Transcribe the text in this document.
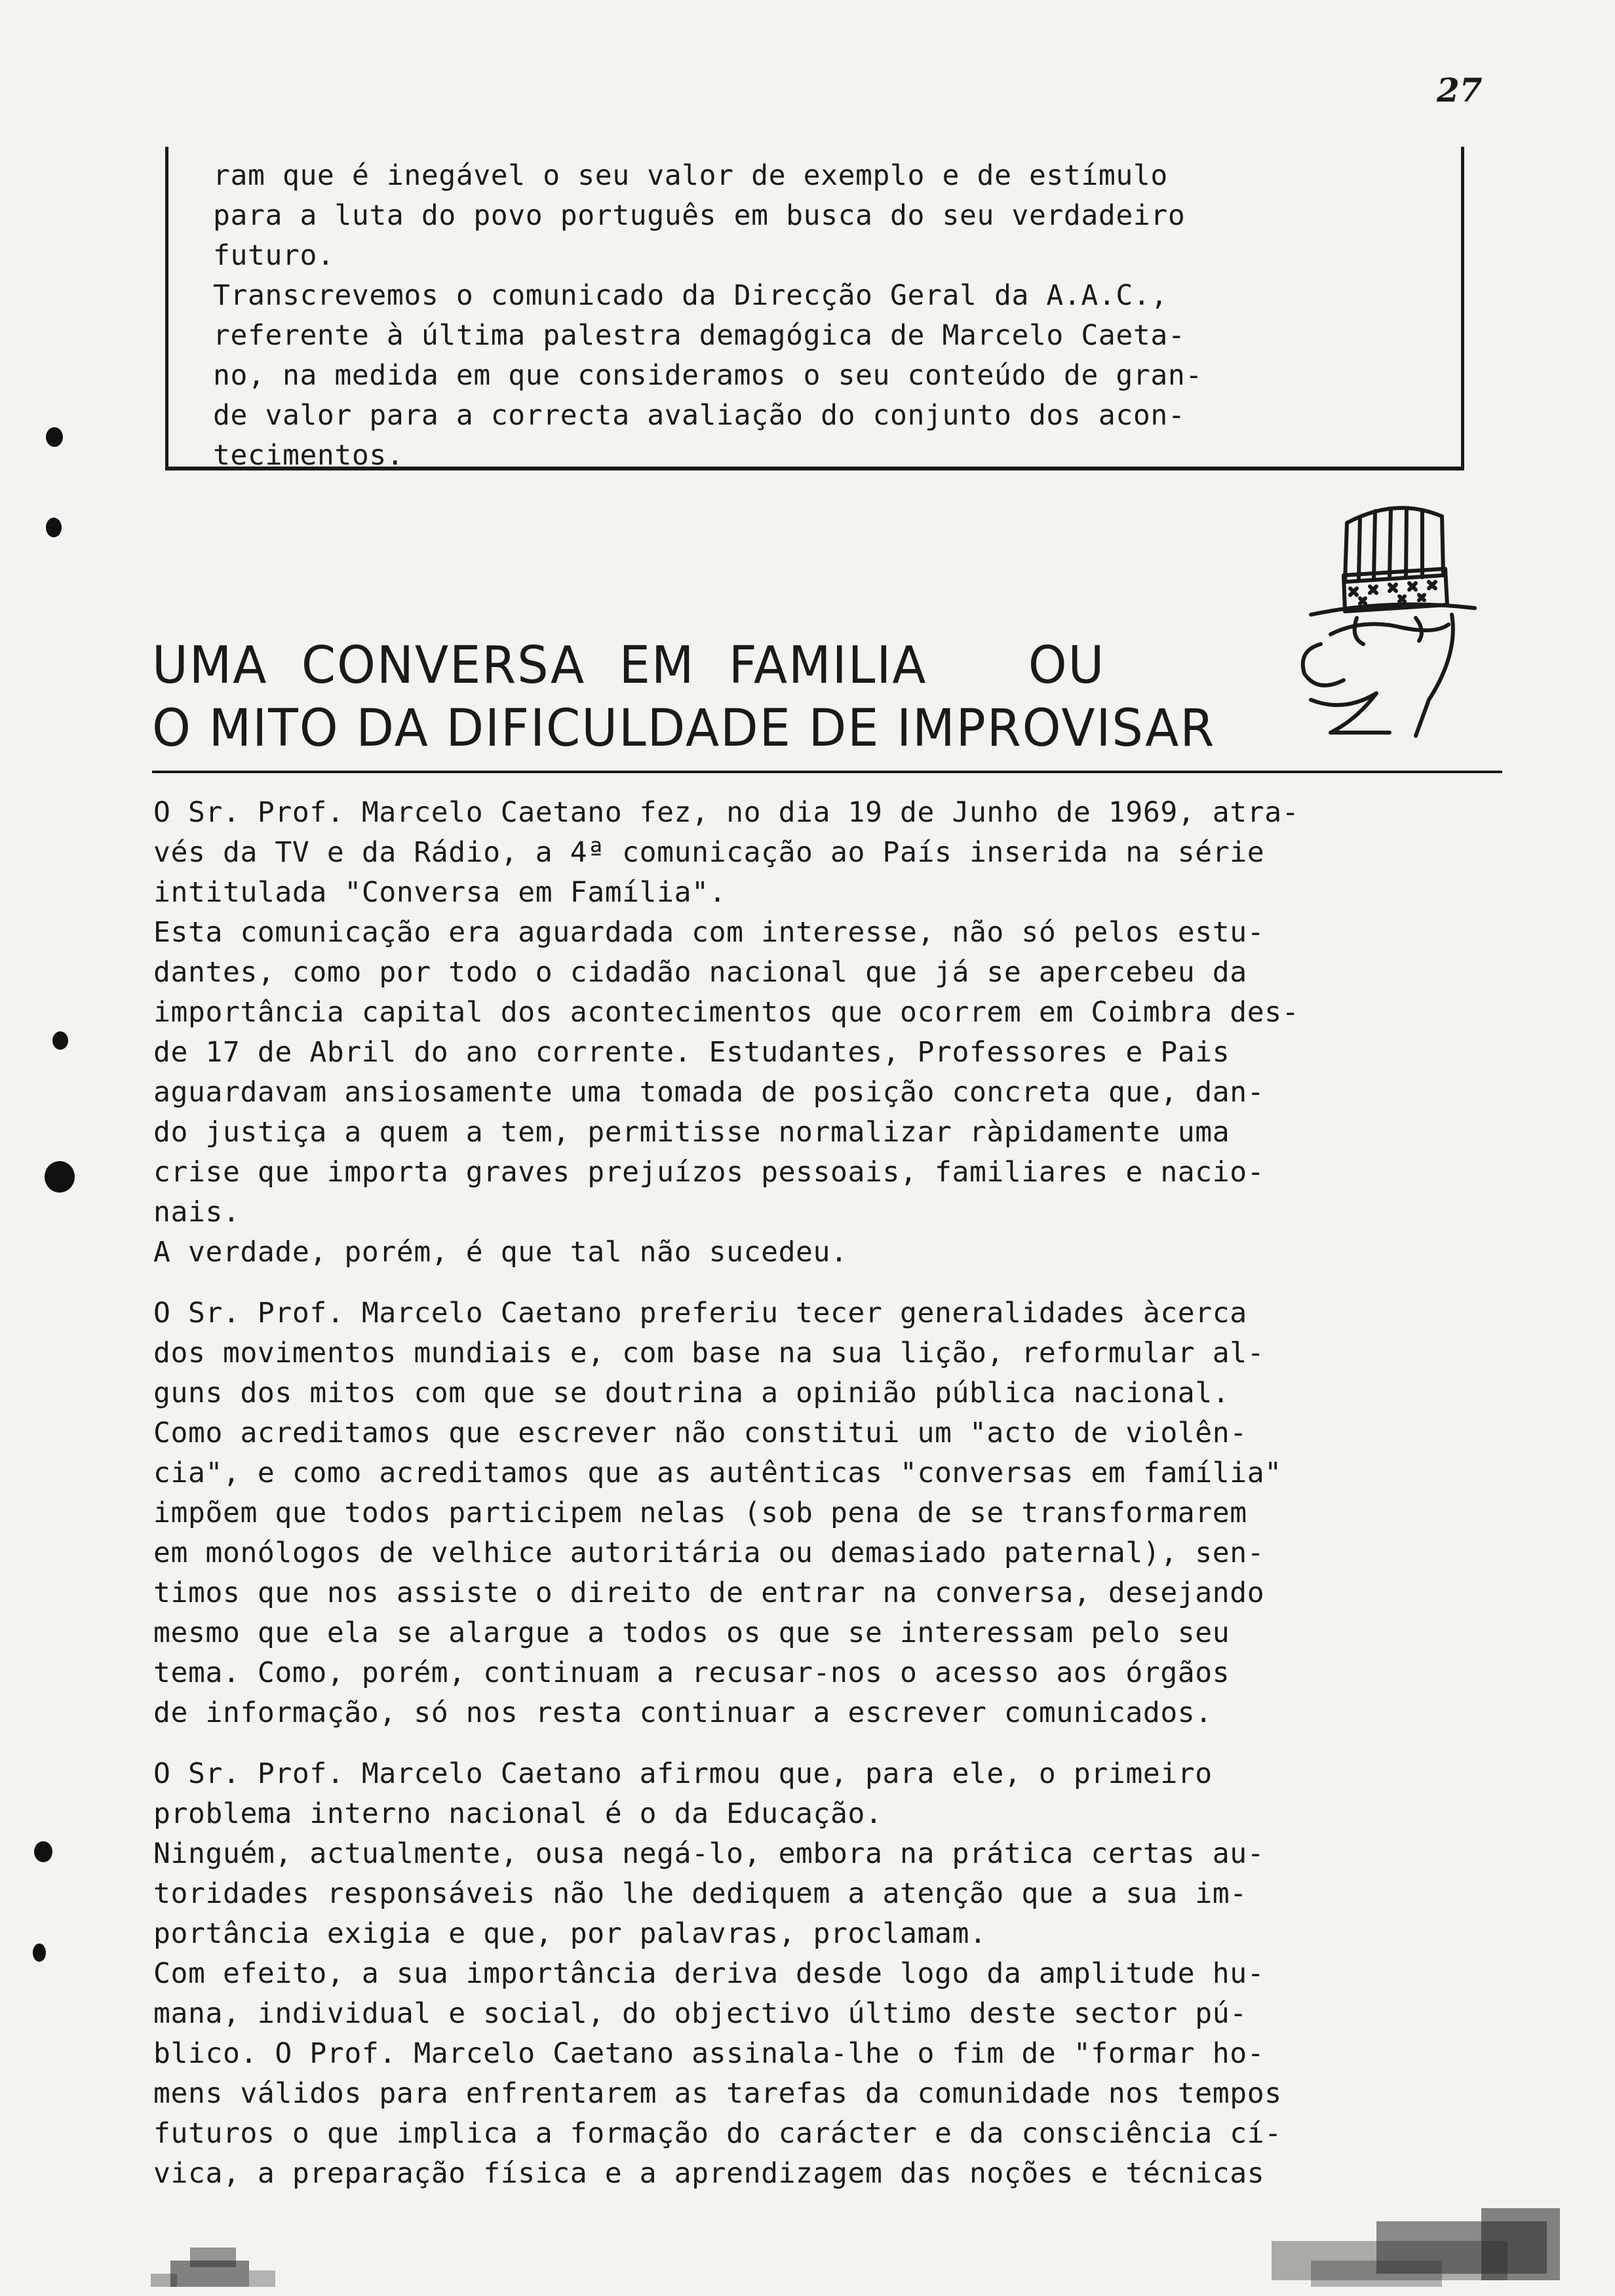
27
ram que é inegável o seu valor de exemplo e de estímulo
para a luta do povo português em busca do seu verdadeiro
futuro.
Transcrevemos o comunicado da Direcção Geral da A.A.C.,
referente à última palestra demagógica de Marcelo Caeta-
no, na medida em que consideramos o seu conteúdo de gran-
de valor para a correcta avaliação do conjunto dos acon-
tecimentos.
UMA  CONVERSA  EM  FAMILIA      OU
O MITO DA DIFICULDADE DE IMPROVISAR
O Sr. Prof. Marcelo Caetano fez, no dia 19 de Junho de 1969, atra-
vés da TV e da Rádio, a 4ª comunicação ao País inserida na série
intitulada "Conversa em Família".
Esta comunicação era aguardada com interesse, não só pelos estu-
dantes, como por todo o cidadão nacional que já se apercebeu da
importância capital dos acontecimentos que ocorrem em Coimbra des-
de 17 de Abril do ano corrente. Estudantes, Professores e Pais
aguardavam ansiosamente uma tomada de posição concreta que, dan-
do justiça a quem a tem, permitisse normalizar ràpidamente uma
crise que importa graves prejuízos pessoais, familiares e nacio-
nais.
A verdade, porém, é que tal não sucedeu.
O Sr. Prof. Marcelo Caetano preferiu tecer generalidades àcerca
dos movimentos mundiais e, com base na sua lição, reformular al-
guns dos mitos com que se doutrina a opinião pública nacional.
Como acreditamos que escrever não constitui um "acto de violên-
cia", e como acreditamos que as autênticas "conversas em família"
impõem que todos participem nelas (sob pena de se transformarem
em monólogos de velhice autoritária ou demasiado paternal), sen-
timos que nos assiste o direito de entrar na conversa, desejando
mesmo que ela se alargue a todos os que se interessam pelo seu
tema. Como, porém, continuam a recusar-nos o acesso aos órgãos
de informação, só nos resta continuar a escrever comunicados.
O Sr. Prof. Marcelo Caetano afirmou que, para ele, o primeiro
problema interno nacional é o da Educação.
Ninguém, actualmente, ousa negá-lo, embora na prática certas au-
toridades responsáveis não lhe dediquem a atenção que a sua im-
portância exigia e que, por palavras, proclamam.
Com efeito, a sua importância deriva desde logo da amplitude hu-
mana, individual e social, do objectivo último deste sector pú-
blico. O Prof. Marcelo Caetano assinala-lhe o fim de "formar ho-
mens válidos para enfrentarem as tarefas da comunidade nos tempos
futuros o que implica a formação do carácter e da consciência cí-
vica, a preparação física e a aprendizagem das noções e técnicas
